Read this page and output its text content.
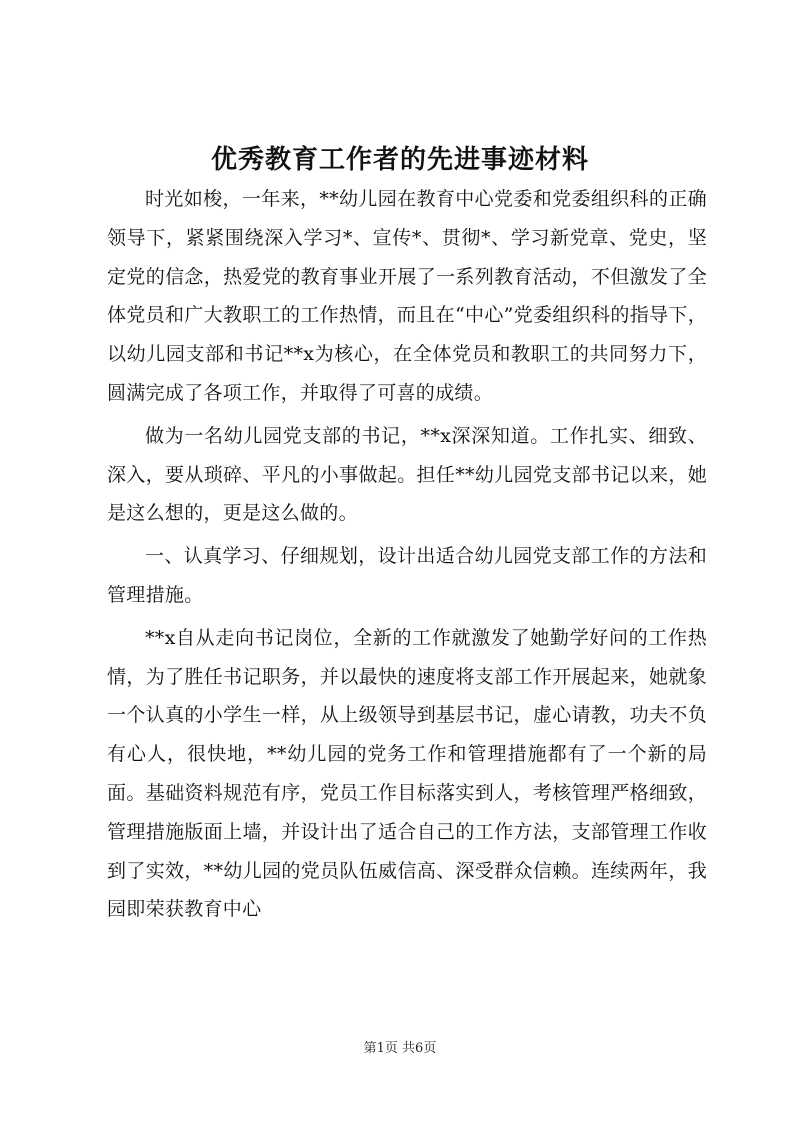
优秀教育工作者的先进事迹材料

时光如梭，一年来，**幼儿园在教育中心党委和党委组织科的正确领导下，紧紧围绕深入学习*、宣传*、贯彻*、学习新党章、党史，坚定党的信念，热爱党的教育事业开展了一系列教育活动，不但激发了全体党员和广大教职工的工作热情，而且在“中心”党委组织科的指导下，以幼儿园支部和书记**x为核心，在全体党员和教职工的共同努力下，圆满完成了各项工作，并取得了可喜的成绩。

做为一名幼儿园党支部的书记，**x深深知道。工作扎实、细致、深入，要从琐碎、平凡的小事做起。担任**幼儿园党支部书记以来，她是这么想的，更是这么做的。

一、认真学习、仔细规划，设计出适合幼儿园党支部工作的方法和管理措施。

**x自从走向书记岗位，全新的工作就激发了她勤学好问的工作热情，为了胜任书记职务，并以最快的速度将支部工作开展起来，她就象一个认真的小学生一样，从上级领导到基层书记，虚心请教，功夫不负有心人，很快地，**幼儿园的党务工作和管理措施都有了一个新的局面。基础资料规范有序，党员工作目标落实到人，考核管理严格细致，管理措施版面上墙，并设计出了适合自己的工作方法，支部管理工作收到了实效，**幼儿园的党员队伍威信高、深受群众信赖。连续两年，我园即荣获教育中心

第1页 共6页
